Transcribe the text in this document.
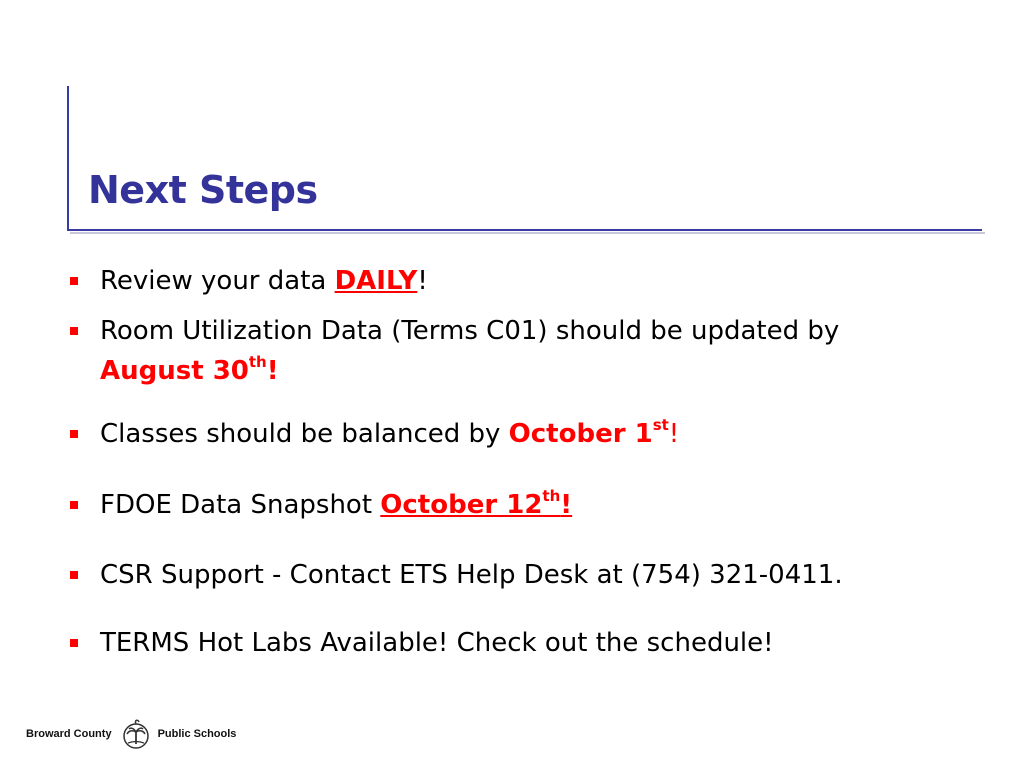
Next Steps
Review your data DAILY!
Room Utilization Data (Terms C01) should be updated by
August 30th!
Classes should be balanced by October 1st!
FDOE Data Snapshot October 12th!
CSR Support - Contact ETS Help Desk at (754) 321-0411.
TERMS Hot Labs Available! Check out the schedule!
Broward County	Public Schools
